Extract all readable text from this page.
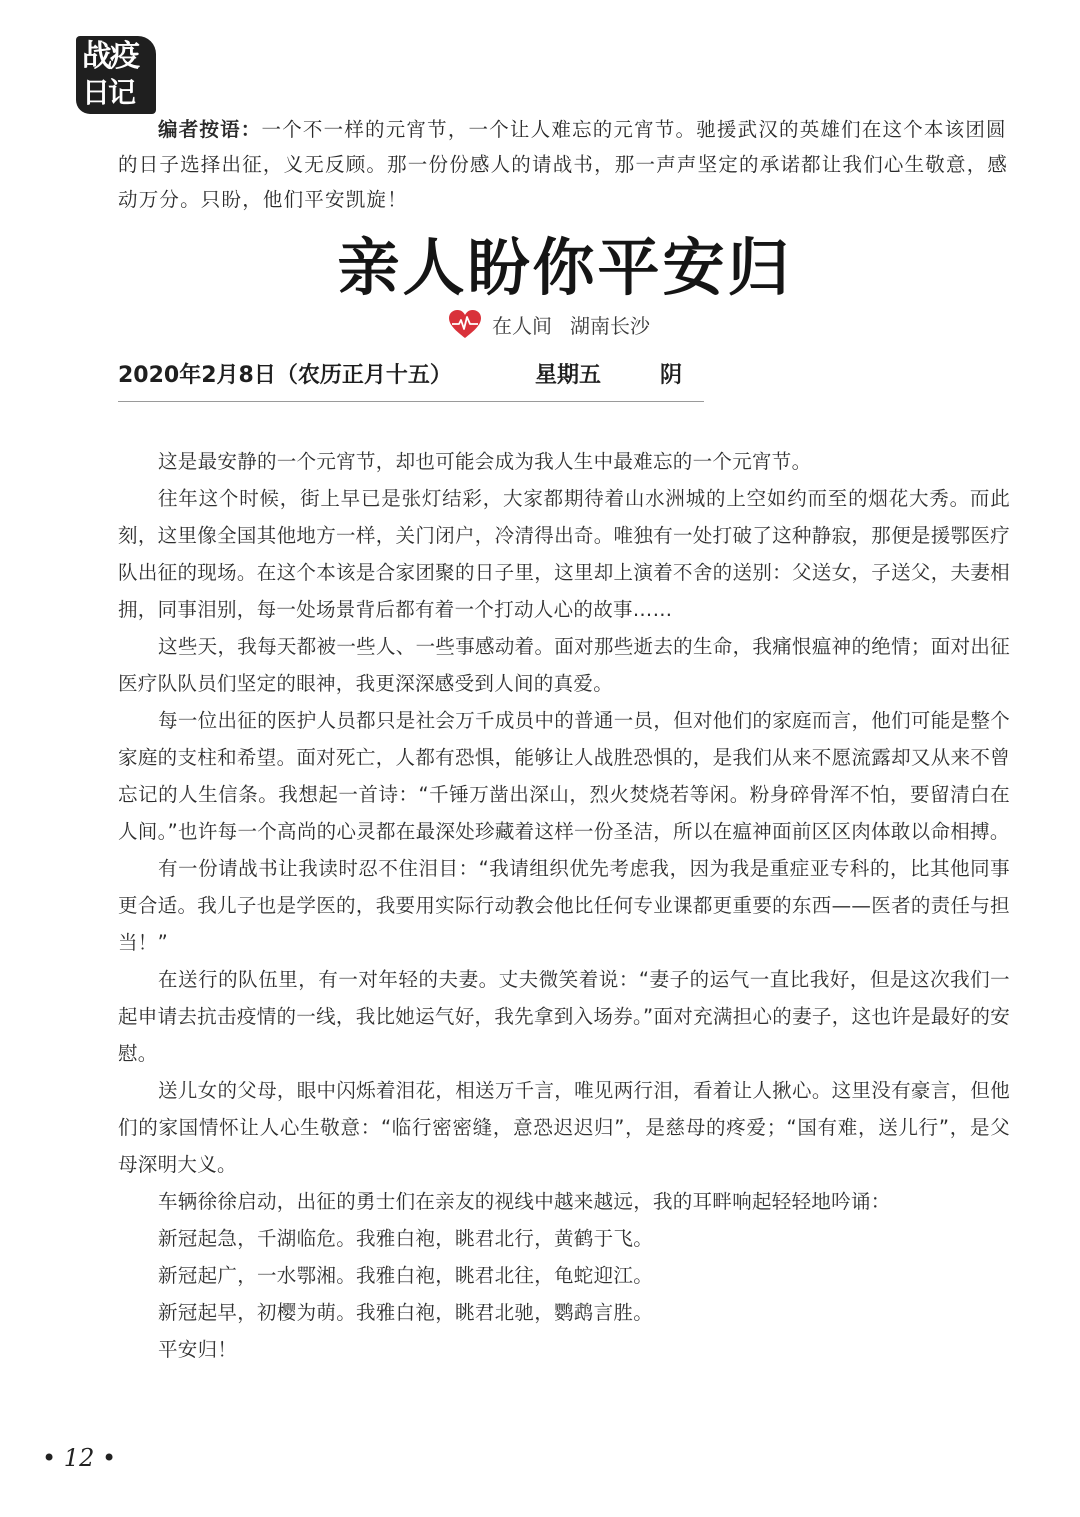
战疫
日记
编者按语：一个不一样的元宵节，一个让人难忘的元宵节。驰援武汉的英雄们在这个本该团圆的日子选择出征，义无反顾。那一份份感人的请战书，那一声声坚定的承诺都让我们心生敬意，感动万分。只盼，他们平安凯旋！
亲人盼你平安归
在人间 湖南长沙
2020年2月8日（农历正月十五）	星期五	阴

这是最安静的一个元宵节，却也可能会成为我人生中最难忘的一个元宵节。

往年这个时候，街上早已是张灯结彩，大家都期待着山水洲城的上空如约而至的烟花大秀。而此刻，这里像全国其他地方一样，关门闭户，冷清得出奇。唯独有一处打破了这种静寂，那便是援鄂医疗队出征的现场。在这个本该是合家团聚的日子里，这里却上演着不舍的送别：父送女，子送父，夫妻相拥，同事泪别，每一处场景背后都有着一个打动人心的故事……

这些天，我每天都被一些人、一些事感动着。面对那些逝去的生命，我痛恨瘟神的绝情；面对出征医疗队队员们坚定的眼神，我更深深感受到人间的真爱。

每一位出征的医护人员都只是社会万千成员中的普通一员，但对他们的家庭而言，他们可能是整个家庭的支柱和希望。面对死亡，人都有恐惧，能够让人战胜恐惧的，是我们从来不愿流露却又从来不曾忘记的人生信条。我想起一首诗：“千锤万凿出深山，烈火焚烧若等闲。粉身碎骨浑不怕，要留清白在人间。”也许每一个高尚的心灵都在最深处珍藏着这样一份圣洁，所以在瘟神面前区区肉体敢以命相搏。

有一份请战书让我读时忍不住泪目：“我请组织优先考虑我，因为我是重症亚专科的，比其他同事更合适。我儿子也是学医的，我要用实际行动教会他比任何专业课都更重要的东西——医者的责任与担当！”

在送行的队伍里，有一对年轻的夫妻。丈夫微笑着说：“妻子的运气一直比我好，但是这次我们一起申请去抗击疫情的一线，我比她运气好，我先拿到入场券。”面对充满担心的妻子，这也许是最好的安慰。

送儿女的父母，眼中闪烁着泪花，相送万千言，唯见两行泪，看着让人揪心。这里没有豪言，但他们的家国情怀让人心生敬意：“临行密密缝，意恐迟迟归”，是慈母的疼爱；“国有难，送儿行”，是父母深明大义。

车辆徐徐启动，出征的勇士们在亲友的视线中越来越远，我的耳畔响起轻轻地吟诵：

新冠起急，千湖临危。我雅白袍，眺君北行，黄鹤于飞。

新冠起广，一水鄂湘。我雅白袍，眺君北往，龟蛇迎江。

新冠起早，初樱为萌。我雅白袍，眺君北驰，鹦鹉言胜。

平安归！

• 12 •
